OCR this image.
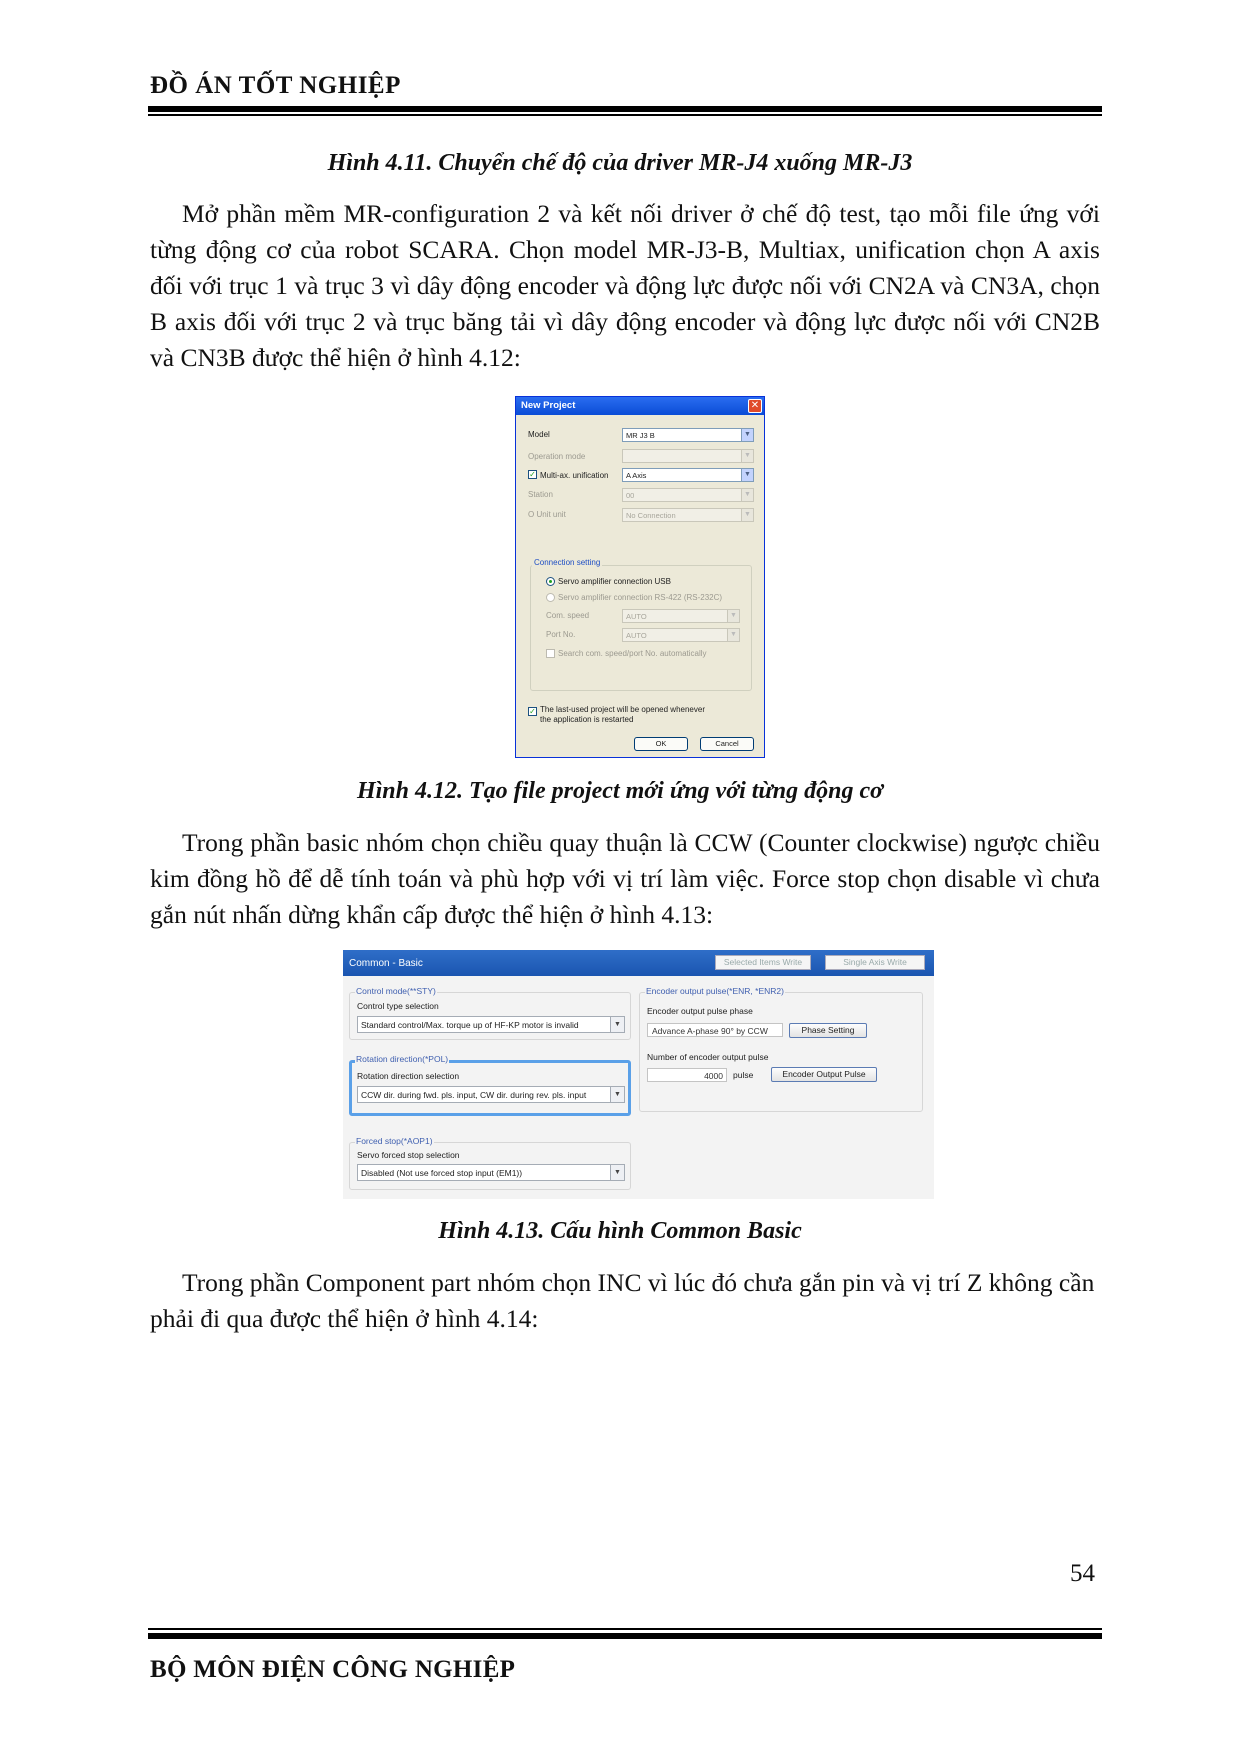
ĐỒ ÁN TỐT NGHIỆP
Hình 4.11. Chuyển chế độ của driver MR-J4 xuống MR-J3
Mở phần mềm MR-configuration 2 và kết nối driver ở chế độ test, tạo mỗi file ứng với từng động cơ của robot SCARA. Chọn model MR-J3-B, Multiax, unification chọn A axis đối với trục 1 và trục 3 vì dây động encoder và động lực được nối với CN2A và CN3A, chọn B axis đối với trục 2 và trục băng tải vì dây động encoder và động lực được nối với CN2B và CN3B được thể hiện ở hình 4.12:
New Project	✕
Model	MR J3 B	▼
Operation mode	▼
✓ Multi-ax. unification	A Axis	▼
Station	00	▼
O Unit unit	No Connection	▼
Connection setting
Servo amplifier connection USB
Servo amplifier connection RS-422 (RS-232C)
Com. speed	AUTO	▼
Port No.	AUTO	▼
Search com. speed/port No. automatically
✓ The last-used project will be opened whenever
the application is restarted
OK	Cancel
Hình 4.12. Tạo file project mới ứng với từng động cơ
Trong phần basic nhóm chọn chiều quay thuận là CCW (Counter clockwise) ngược chiều kim đồng hồ để dễ tính toán và phù hợp với vị trí làm việc. Force stop chọn disable vì chưa gắn nút nhấn dừng khẩn cấp được thể hiện ở hình 4.13:
Common - Basic	Selected Items Write	Single Axis Write
Control mode(**STY)
Control type selection
Standard control/Max. torque up of HF-KP motor is invalid	▼
Rotation direction(*POL)
Rotation direction selection
CCW dir. during fwd. pls. input, CW dir. during rev. pls. input	▼
Forced stop(*AOP1)
Servo forced stop selection
Disabled (Not use forced stop input (EM1))	▼
Encoder output pulse(*ENR, *ENR2)
Encoder output pulse phase
Advance A-phase 90° by CCW	Phase Setting
Number of encoder output pulse
4000	pulse	Encoder Output Pulse
Hình 4.13. Cấu hình Common Basic
Trong phần Component part nhóm chọn INC vì lúc đó chưa gắn pin và vị trí Z không cần phải đi qua được thể hiện ở hình 4.14:
54
BỘ MÔN ĐIỆN CÔNG NGHIỆP
